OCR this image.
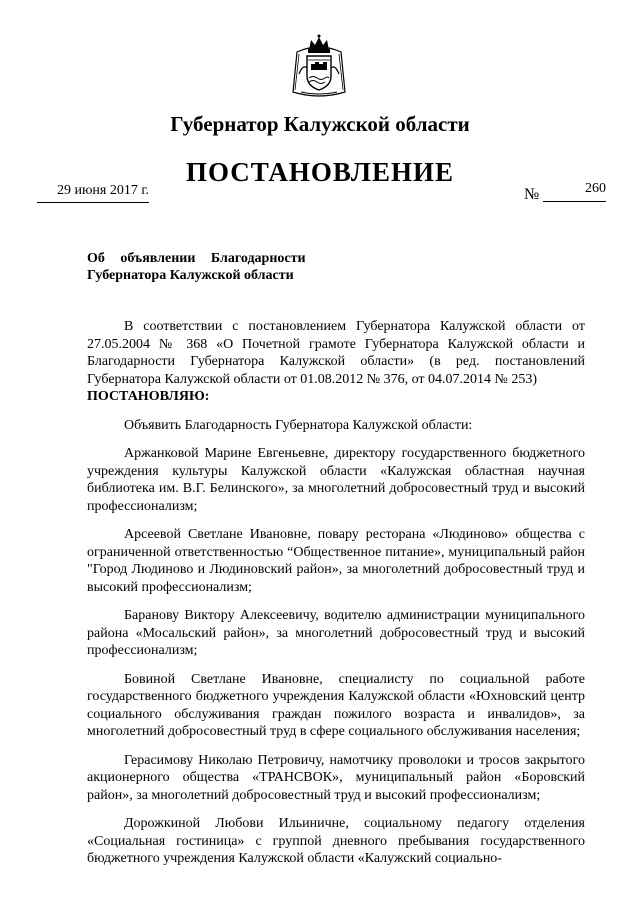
Губернатор Калужской области
ПОСТАНОВЛЕНИЕ
29 июня 2017 г.	№	260
Об объявлении Благодарности
Губернатора Калужской области

В соответствии с постановлением Губернатора Калужской области от 27.05.2004 № 368 «О Почетной грамоте Губернатора Калужской области и Благодарности Губернатора Калужской области» (в ред. постановлений Губернатора Калужской области от 01.08.2012 № 376, от 04.07.2014 № 253)

ПОСТАНОВЛЯЮ:

Объявить Благодарность Губернатора Калужской области:

Аржанковой Марине Евгеньевне, директору государственного бюджетного учреждения культуры Калужской области «Калужская областная научная библиотека им. В.Г. Белинского», за многолетний добросовестный труд и высокий профессионализм;

Арсеевой Светлане Ивановне, повару ресторана «Людиново» общества с ограниченной ответственностью “Общественное питание», муниципальный район "Город Людиново и Людиновский район», за многолетний добросовестный труд и высокий профессионализм;

Баранову Виктору Алексеевичу, водителю администрации муниципального района «Мосальский район», за многолетний добросовестный труд и высокий профессионализм;

Бовиной Светлане Ивановне, специалисту по социальной работе государственного бюджетного учреждения Калужской области «Юхновский центр социального обслуживания граждан пожилого возраста и инвалидов», за многолетний добросовестный труд в сфере социального обслуживания населения;

Герасимову Николаю Петровичу, намотчику проволоки и тросов закрытого акционерного общества «ТРАНСВОК», муниципальный район «Боровский район», за многолетний добросовестный труд и высокий профессионализм;

Дорожкиной Любови Ильиничне, социальному педагогу отделения «Социальная гостиница» с группой дневного пребывания государственного бюджетного учреждения Калужской области «Калужский социально-
